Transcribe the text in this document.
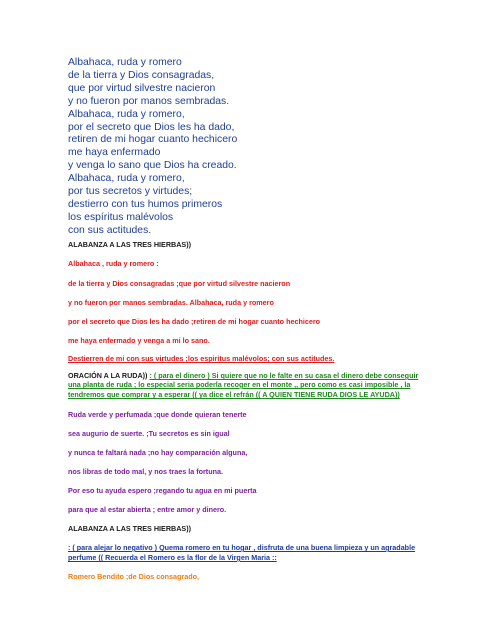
Albahaca, ruda y romero
de la tierra y Dios consagradas,
que por virtud silvestre nacieron
y no fueron por manos sembradas.
Albahaca, ruda y romero,
por el secreto que Dios les ha dado,
retiren de mi hogar cuanto hechicero
me haya enfermado
y venga lo sano que Dios ha creado.
Albahaca, ruda y romero,
por tus secretos y virtudes;
destierro con tus humos primeros
los espíritus malévolos
con sus actitudes.
ALABANZA A LAS TRES HIERBAS))
Albahaca , ruda y romero :
de la tierra y Dios consagradas ;que por virtud silvestre nacieron
y no fueron por manos sembradas. Albahaca, ruda y romero
por el secreto que Dios les ha dado ;retiren de mi hogar cuanto hechicero
me haya enfermado y venga a mi lo sano.
Destierren de mi con sus virtudes ;los espiritus malévolos; con sus actitudes.
ORACIÓN A LA RUDA)) : ( para el dinero ) Si quiere que no le falte en su casa el dinero debe conseguir
una planta de ruda ; lo especial seria poderla recoger en el monte ,, pero como es casi imposible , la
tendremos que comprar y a esperar (( ya dice el refrán (( A QUIEN TIENE RUDA DIOS LE AYUDA))
Ruda verde y perfumada ;que donde quieran tenerte
sea augurio de suerte. ;Tu secretos es sin igual
y nunca te faltará nada ;no hay comparación alguna,
nos libras de todo mal, y nos traes la fortuna.
Por eso tu ayuda espero ;regando tu agua en mi puerta
para que al estar abierta ; entre amor y dinero.
ALABANZA A LAS TRES HIERBAS))
: ( para alejar lo negativo ) Quema romero en tu hogar , disfruta de una buena limpieza y un agradable
perfume (( Recuerda el Romero es la flor de la Virgen Maria ::
Romero Bendito ;de Dios consagrado,
